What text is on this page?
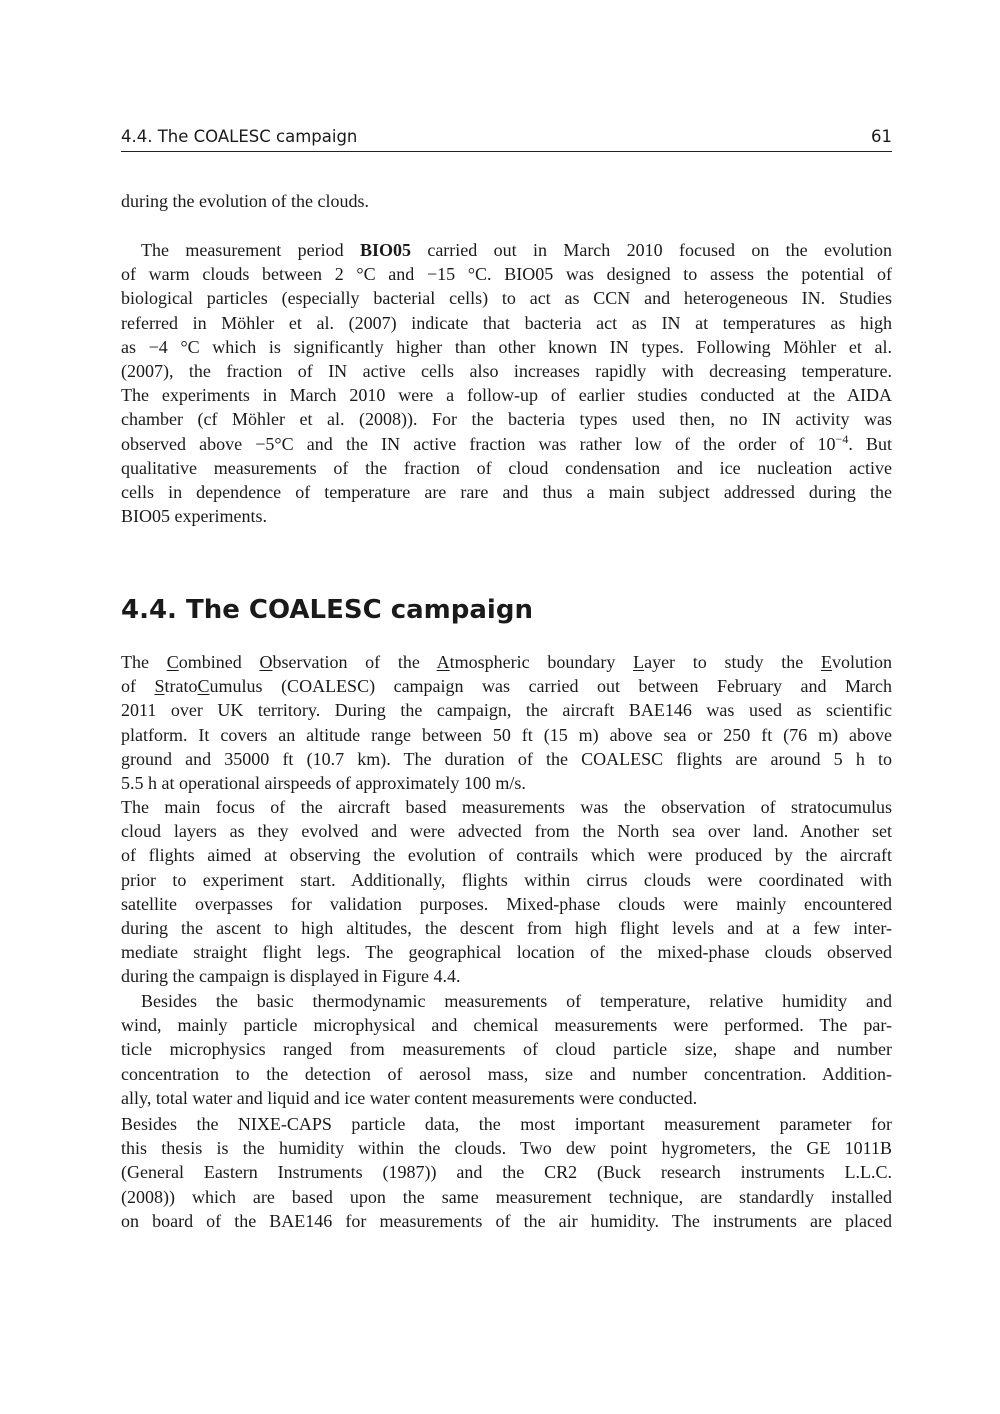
4.4. The COALESC campaign	61
during the evolution of the clouds.
The measurement period BIO05 carried out in March 2010 focused on the evolution
of warm clouds between 2 °C and −15 °C. BIO05 was designed to assess the potential of
biological particles (especially bacterial cells) to act as CCN and heterogeneous IN. Studies
referred in Möhler et al. (2007) indicate that bacteria act as IN at temperatures as high
as −4 °C which is significantly higher than other known IN types. Following Möhler et al.
(2007), the fraction of IN active cells also increases rapidly with decreasing temperature.
The experiments in March 2010 were a follow-up of earlier studies conducted at the AIDA
chamber (cf Möhler et al. (2008)). For the bacteria types used then, no IN activity was
observed above −5°C and the IN active fraction was rather low of the order of $10^{-4}$. But
qualitative measurements of the fraction of cloud condensation and ice nucleation active
cells in dependence of temperature are rare and thus a main subject addressed during the
BIO05 experiments.
4.4. The COALESC campaign
The Combined Observation of the Atmospheric boundary Layer to study the Evolution
of StratoCumulus (COALESC) campaign was carried out between February and March
2011 over UK territory. During the campaign, the aircraft BAE146 was used as scientific
platform. It covers an altitude range between 50 ft (15 m) above sea or 250 ft (76 m) above
ground and 35000 ft (10.7 km). The duration of the COALESC flights are around 5 h to
5.5 h at operational airspeeds of approximately 100 m/s.
The main focus of the aircraft based measurements was the observation of stratocumulus
cloud layers as they evolved and were advected from the North sea over land. Another set
of flights aimed at observing the evolution of contrails which were produced by the aircraft
prior to experiment start. Additionally, flights within cirrus clouds were coordinated with
satellite overpasses for validation purposes. Mixed-phase clouds were mainly encountered
during the ascent to high altitudes, the descent from high flight levels and at a few inter-
mediate straight flight legs. The geographical location of the mixed-phase clouds observed
during the campaign is displayed in Figure 4.4.
Besides the basic thermodynamic measurements of temperature, relative humidity and
wind, mainly particle microphysical and chemical measurements were performed. The par-
ticle microphysics ranged from measurements of cloud particle size, shape and number
concentration to the detection of aerosol mass, size and number concentration. Addition-
ally, total water and liquid and ice water content measurements were conducted.
Besides the NIXE-CAPS particle data, the most important measurement parameter for
this thesis is the humidity within the clouds. Two dew point hygrometers, the GE 1011B
(General Eastern Instruments (1987)) and the CR2 (Buck research instruments L.L.C.
(2008)) which are based upon the same measurement technique, are standardly installed
on board of the BAE146 for measurements of the air humidity. The instruments are placed
